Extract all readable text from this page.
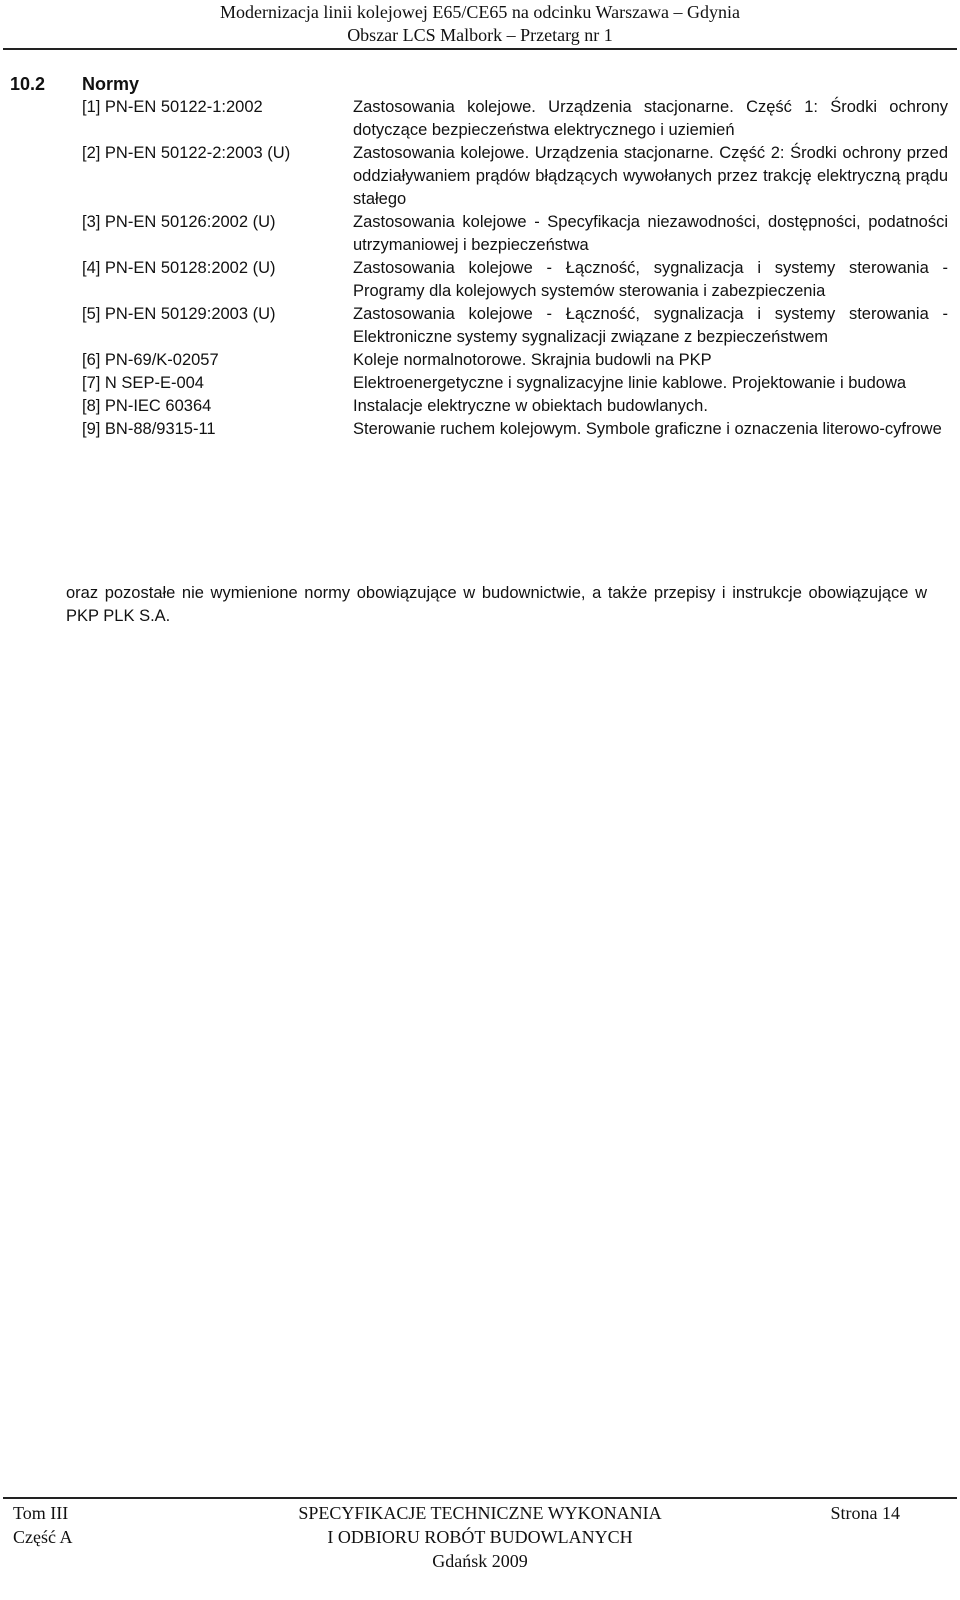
Modernizacja linii kolejowej E65/CE65 na odcinku Warszawa – Gdynia
Obszar LCS Malbork – Przetarg nr 1
10.2 Normy
[1] PN-EN 50122-1:2002	Zastosowania kolejowe. Urządzenia stacjonarne. Część 1: Środki ochrony dotyczące bezpieczeństwa elektrycznego i uziemień
[2] PN-EN 50122-2:2003 (U)	Zastosowania kolejowe. Urządzenia stacjonarne. Część 2: Środki ochrony przed oddziaływaniem prądów błądzących wywołanych przez trakcję elektryczną prądu stałego
[3] PN-EN 50126:2002 (U)	Zastosowania kolejowe - Specyfikacja niezawodności, dostępności, podatności utrzymaniowej i bezpieczeństwa
[4] PN-EN 50128:2002 (U)	Zastosowania kolejowe - Łączność, sygnalizacja i systemy sterowania - Programy dla kolejowych systemów sterowania i zabezpieczenia
[5] PN-EN 50129:2003 (U)	Zastosowania kolejowe - Łączność, sygnalizacja i systemy sterowania - Elektroniczne systemy sygnalizacji związane z bezpieczeństwem
[6] PN-69/K-02057	Koleje normalnotorowe. Skrajnia budowli na PKP
[7] N SEP-E-004	Elektroenergetyczne i sygnalizacyjne linie kablowe. Projektowanie i budowa
[8] PN-IEC 60364	Instalacje elektryczne w obiektach budowlanych.
[9] BN-88/9315-11	Sterowanie ruchem kolejowym. Symbole graficzne i oznaczenia literowo-cyfrowe
oraz pozostałe nie wymienione normy obowiązujące w budownictwie, a także przepisy i instrukcje obowiązujące w PKP PLK S.A.
SPECYFIKACJE TECHNICZNE WYKONANIA
I ODBIORU ROBÓT BUDOWLANYCH
Gdańsk 2009
Tom III
Część A
Strona 14
